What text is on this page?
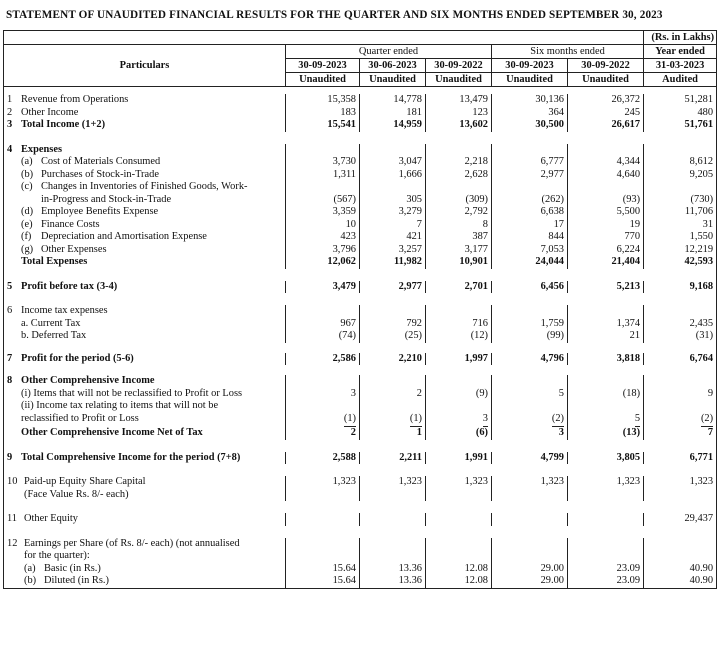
STATEMENT OF UNAUDITED FINANCIAL RESULTS FOR THE QUARTER AND SIX MONTHS ENDED SEPTEMBER 30, 2023
						(Rs. in Lakhs)
Particulars	Quarter ended			Six months ended		Year ended
	30-09-2023	30-06-2023	30-09-2022	30-09-2023	30-09-2022	31-03-2023
	Unaudited	Unaudited	Unaudited	Unaudited	Unaudited	Audited

1 Revenue from Operations	15,358	14,778	13,479	30,136	26,372	51,281
2 Other Income	183	181	123	364	245	480
3 Total Income (1+2)	15,541	14,959	13,602	30,500	26,617	51,761

4 Expenses						
(a) Cost of Materials Consumed	3,730	3,047	2,218	6,777	4,344	8,612
(b) Purchases of Stock-in-Trade	1,311	1,666	2,628	2,977	4,640	9,205
(c) Changes in Inventories of Finished Goods, Work-						
in-Progress and Stock-in-Trade	(567)	305	(309)	(262)	(93)	(730)
(d) Employee Benefits Expense	3,359	3,279	2,792	6,638	5,500	11,706
(e) Finance Costs	10	7	8	17	19	31
(f) Depreciation and Amortisation Expense	423	421	387	844	770	1,550
(g) Other Expenses	3,796	3,257	3,177	7,053	6,224	12,219
Total Expenses	12,062	11,982	10,901	24,044	21,404	42,593

5 Profit before tax (3-4)	3,479	2,977	2,701	6,456	5,213	9,168

6 Income tax expenses						
a. Current Tax	967	792	716	1,759	1,374	2,435
b. Deferred Tax	(74)	(25)	(12)	(99)	21	(31)

7 Profit for the period (5-6)	2,586	2,210	1,997	4,796	3,818	6,764

8 Other Comprehensive Income						
(i) Items that will not be reclassified to Profit or Loss	3	2	(9)	5	(18)	9
(ii) Income tax relating to items that will not be						
reclassified to Profit or Loss	(1)	(1)	3	(2)	5	(2)
Other Comprehensive Income Net of Tax	2	1	(6)	3	(13)	7

9 Total Comprehensive Income for the period (7+8)	2,588	2,211	1,991	4,799	3,805	6,771

10 Paid-up Equity Share Capital	1,323	1,323	1,323	1,323	1,323	1,323
(Face Value Rs. 8/- each)						

11 Other Equity						29,437

12 Earnings per Share (of Rs. 8/- each) (not annualised						
for the quarter):						
(a) Basic (in Rs.)	15.64	13.36	12.08	29.00	23.09	40.90
(b) Diluted (in Rs.)	15.64	13.36	12.08	29.00	23.09	40.90
